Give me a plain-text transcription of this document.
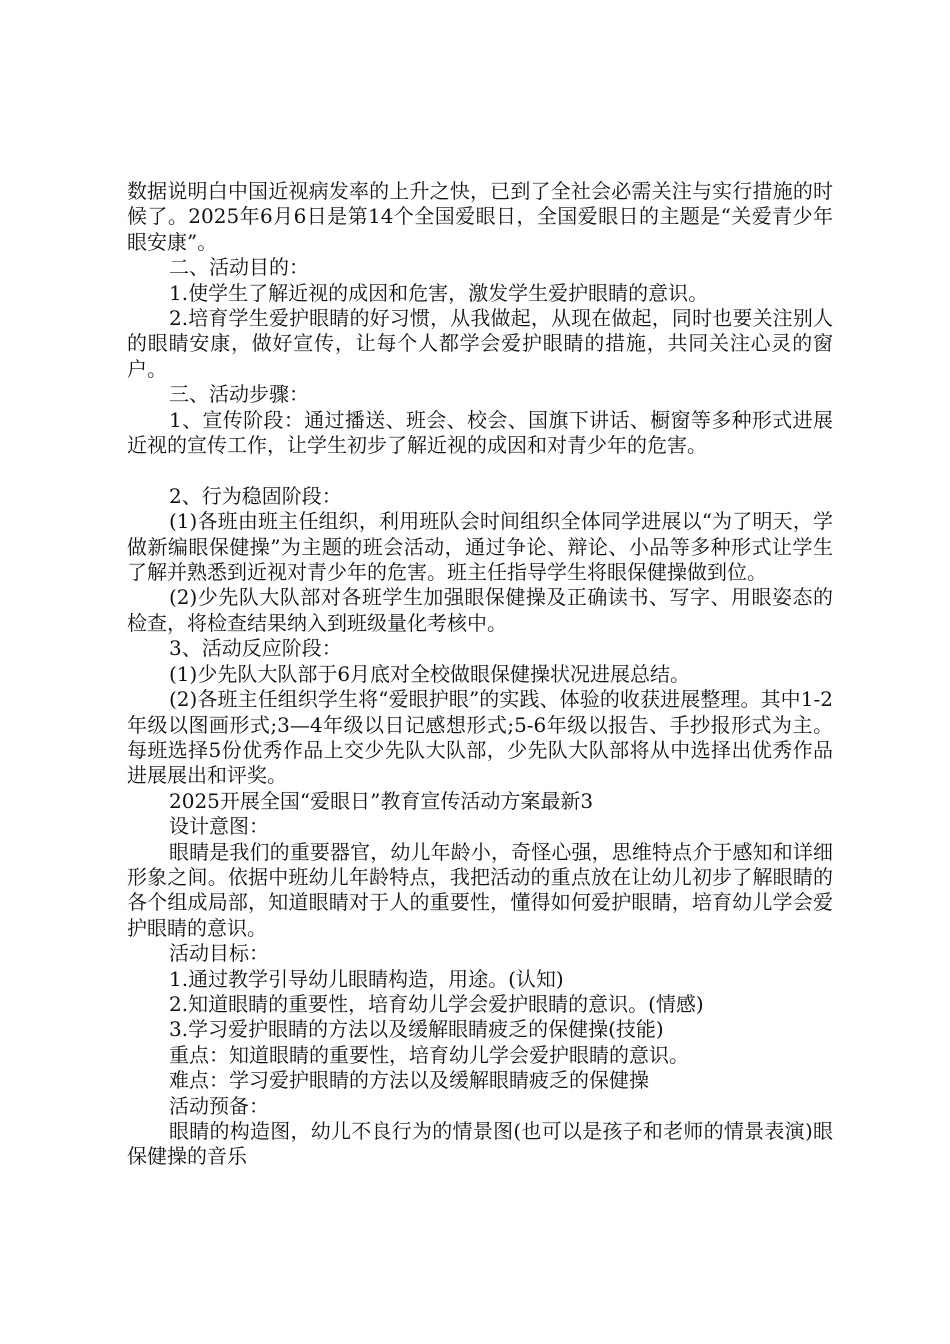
数据说明白中国近视病发率的上升之快，已到了全社会必需关注与实行措施的时候了。2025年6月6日是第14个全国爱眼日，全国爱眼日的主题是“关爱青少年眼安康”。

二、活动目的：

1.使学生了解近视的成因和危害，激发学生爱护眼睛的意识。

2.培育学生爱护眼睛的好习惯，从我做起，从现在做起，同时也要关注别人的眼睛安康，做好宣传，让每个人都学会爱护眼睛的措施，共同关注心灵的窗户。

三、活动步骤：

1、宣传阶段：通过播送、班会、校会、国旗下讲话、橱窗等多种形式进展近视的宣传工作，让学生初步了解近视的成因和对青少年的危害。

2、行为稳固阶段：

(1)各班由班主任组织，利用班队会时间组织全体同学进展以“为了明天，学做新编眼保健操”为主题的班会活动，通过争论、辩论、小品等多种形式让学生了解并熟悉到近视对青少年的危害。班主任指导学生将眼保健操做到位。

(2)少先队大队部对各班学生加强眼保健操及正确读书、写字、用眼姿态的检查，将检查结果纳入到班级量化考核中。

3、活动反应阶段：

(1)少先队大队部于6月底对全校做眼保健操状况进展总结。

(2)各班主任组织学生将“爱眼护眼”的实践、体验的收获进展整理。其中1-2年级以图画形式;3—4年级以日记感想形式;5-6年级以报告、手抄报形式为主。每班选择5份优秀作品上交少先队大队部，少先队大队部将从中选择出优秀作品进展展出和评奖。

2025开展全国“爱眼日”教育宣传活动方案最新3

设计意图：

眼睛是我们的重要器官，幼儿年龄小，奇怪心强，思维特点介于感知和详细形象之间。依据中班幼儿年龄特点，我把活动的重点放在让幼儿初步了解眼睛的各个组成局部，知道眼睛对于人的重要性，懂得如何爱护眼睛，培育幼儿学会爱护眼睛的意识。

活动目标：

1.通过教学引导幼儿眼睛构造，用途。(认知)

2.知道眼睛的重要性，培育幼儿学会爱护眼睛的意识。(情感)

3.学习爱护眼睛的方法以及缓解眼睛疲乏的保健操(技能)

重点：知道眼睛的重要性，培育幼儿学会爱护眼睛的意识。

难点：学习爱护眼睛的方法以及缓解眼睛疲乏的保健操

活动预备：

眼睛的构造图，幼儿不良行为的情景图(也可以是孩子和老师的情景表演)眼保健操的音乐
